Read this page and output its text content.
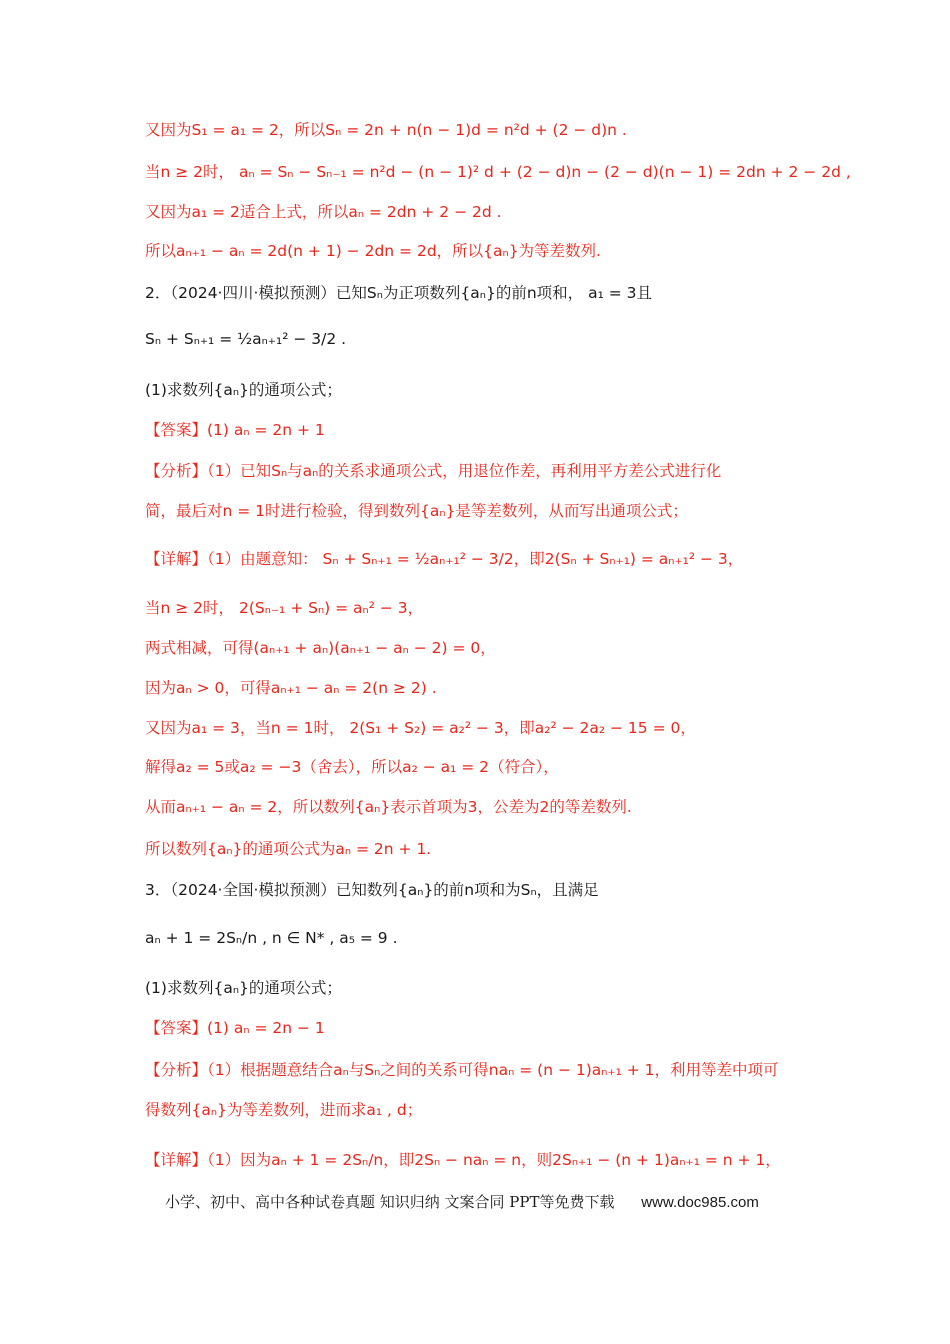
又因为S₁ = a₁ = 2，所以Sₙ = 2n + n(n − 1)d = n²d + (2 − d)n .
当n ≥ 2时， aₙ = Sₙ − Sₙ₋₁ = n²d − (n − 1)² d + (2 − d)n − (2 − d)(n − 1) = 2dn + 2 − 2d ,
又因为a₁ = 2适合上式，所以aₙ = 2dn + 2 − 2d .
所以aₙ₊₁ − aₙ = 2d(n + 1) − 2dn = 2d，所以{aₙ}为等差数列.
2．（2024·四川·模拟预测）已知Sₙ为正项数列{aₙ}的前n项和， a₁ = 3且
Sₙ + Sₙ₊₁ = ½aₙ₊₁² − 3/2 .
(1)求数列{aₙ}的通项公式；
【答案】(1) aₙ = 2n + 1
【分析】（1）已知Sₙ与aₙ的关系求通项公式，用退位作差，再利用平方差公式进行化
简，最后对n = 1时进行检验，得到数列{aₙ}是等差数列，从而写出通项公式；
【详解】（1）由题意知： Sₙ + Sₙ₊₁ = ½aₙ₊₁² − 3/2，即2(Sₙ + Sₙ₊₁) = aₙ₊₁² − 3，
当n ≥ 2时， 2(Sₙ₋₁ + Sₙ) = aₙ² − 3，
两式相减，可得(aₙ₊₁ + aₙ)(aₙ₊₁ − aₙ − 2) = 0，
因为aₙ > 0，可得aₙ₊₁ − aₙ = 2(n ≥ 2) .
又因为a₁ = 3，当n = 1时， 2(S₁ + S₂) = a₂² − 3，即a₂² − 2a₂ − 15 = 0，
解得a₂ = 5或a₂ = −3（舍去），所以a₂ − a₁ = 2（符合），
从而aₙ₊₁ − aₙ = 2，所以数列{aₙ}表示首项为3，公差为2的等差数列.
所以数列{aₙ}的通项公式为aₙ = 2n + 1.
3．（2024·全国·模拟预测）已知数列{aₙ}的前n项和为Sₙ，且满足
aₙ + 1 = 2Sₙ/n , n ∈ N* , a₅ = 9 .
(1)求数列{aₙ}的通项公式；
【答案】(1) aₙ = 2n − 1
【分析】（1）根据题意结合aₙ与Sₙ之间的关系可得naₙ = (n − 1)aₙ₊₁ + 1，利用等差中项可
得数列{aₙ}为等差数列，进而求a₁ , d；
【详解】（1）因为aₙ + 1 = 2Sₙ/n，即2Sₙ − naₙ = n，则2Sₙ₊₁ − (n + 1)aₙ₊₁ = n + 1，
小学、初中、高中各种试卷真题 知识归纳 文案合同 PPT等免费下载 www.doc985.com
